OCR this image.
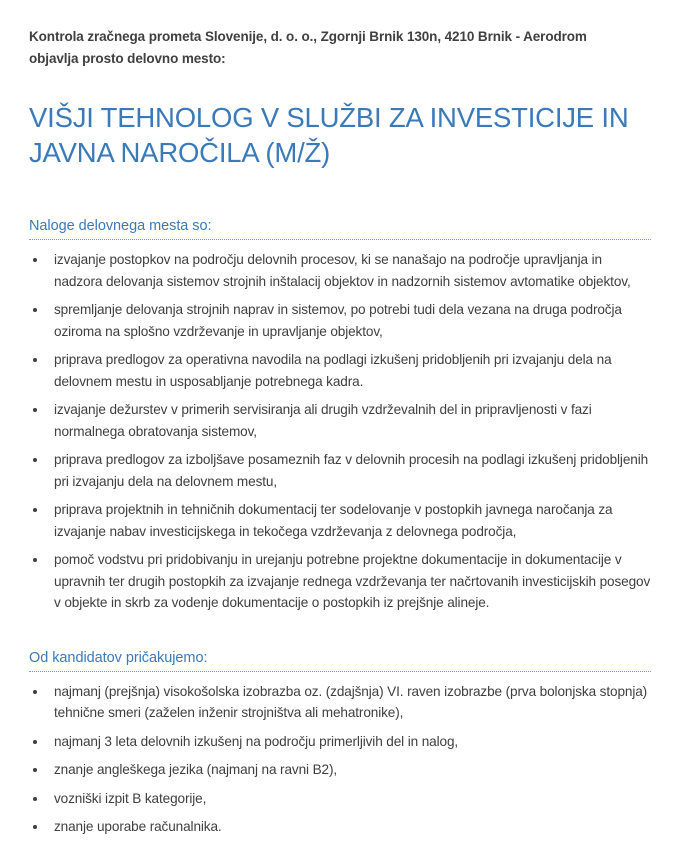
Kontrola zračnega prometa Slovenije, d. o. o., Zgornji Brnik 130n, 4210 Brnik - Aerodrom objavlja prosto delovno mesto:

VIŠJI TEHNOLOG V SLUŽBI ZA INVESTICIJE IN JAVNA NAROČILA (M/Ž)
Naloge delovnega mesta so:
izvajanje postopkov na področju delovnih procesov, ki se nanašajo na področje upravljanja in nadzora delovanja sistemov strojnih inštalacij objektov in nadzornih sistemov avtomatike objektov,
spremljanje delovanja strojnih naprav in sistemov, po potrebi tudi dela vezana na druga področja oziroma na splošno vzdrževanje in upravljanje objektov,
priprava predlogov za operativna navodila na podlagi izkušenj pridobljenih pri izvajanju dela na delovnem mestu in usposabljanje potrebnega kadra.
izvajanje dežurstev v primerih servisiranja ali drugih vzdrževalnih del in pripravljenosti v fazi normalnega obratovanja sistemov,
priprava predlogov za izboljšave posameznih faz v delovnih procesih na podlagi izkušenj pridobljenih pri izvajanju dela na delovnem mestu,
priprava projektnih in tehničnih dokumentacij ter sodelovanje v postopkih javnega naročanja za izvajanje nabav investicijskega in tekočega vzdrževanja z delovnega področja,
pomoč vodstvu pri pridobivanju in urejanju potrebne projektne dokumentacije in dokumentacije v upravnih ter drugih postopkih za izvajanje rednega vzdrževanja ter načrtovanih investicijskih posegov v objekte in skrb za vodenje dokumentacije o postopkih iz prejšnje alineje.
Od kandidatov pričakujemo:
najmanj (prejšnja) visokošolska izobrazba oz. (zdajšnja) VI. raven izobrazbe (prva bolonjska stopnja) tehnične smeri (zaželen inženir strojništva ali mehatronike),
najmanj 3 leta delovnih izkušenj na področju primerljivih del in nalog,
znanje angleškega jezika (najmanj na ravni B2),
vozniški izpit B kategorije,
znanje uporabe računalnika.
